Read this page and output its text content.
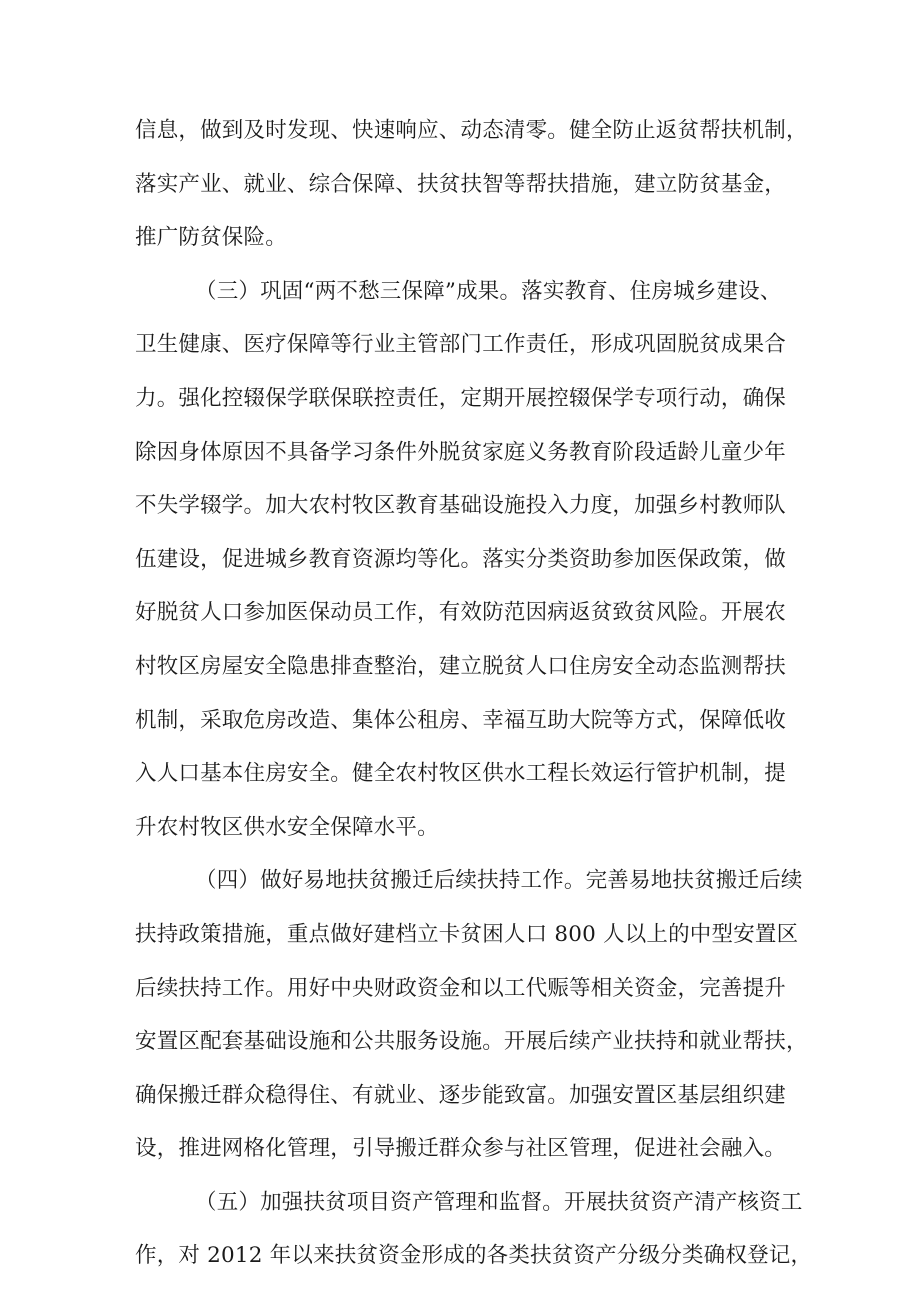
信息，做到及时发现、快速响应、动态清零。健全防止返贫帮扶机制，
落实产业、就业、综合保障、扶贫扶智等帮扶措施，建立防贫基金，
推广防贫保险。
（三）巩固“两不愁三保障”成果。落实教育、住房城乡建设、
卫生健康、医疗保障等行业主管部门工作责任，形成巩固脱贫成果合
力。强化控辍保学联保联控责任，定期开展控辍保学专项行动，确保
除因身体原因不具备学习条件外脱贫家庭义务教育阶段适龄儿童少年
不失学辍学。加大农村牧区教育基础设施投入力度，加强乡村教师队
伍建设，促进城乡教育资源均等化。落实分类资助参加医保政策，做
好脱贫人口参加医保动员工作，有效防范因病返贫致贫风险。开展农
村牧区房屋安全隐患排查整治，建立脱贫人口住房安全动态监测帮扶
机制，采取危房改造、集体公租房、幸福互助大院等方式，保障低收
入人口基本住房安全。健全农村牧区供水工程长效运行管护机制，提
升农村牧区供水安全保障水平。
（四）做好易地扶贫搬迁后续扶持工作。完善易地扶贫搬迁后续
扶持政策措施，重点做好建档立卡贫困人口 800 人以上的中型安置区
后续扶持工作。用好中央财政资金和以工代赈等相关资金，完善提升
安置区配套基础设施和公共服务设施。开展后续产业扶持和就业帮扶，
确保搬迁群众稳得住、有就业、逐步能致富。加强安置区基层组织建
设，推进网格化管理，引导搬迁群众参与社区管理，促进社会融入。
（五）加强扶贫项目资产管理和监督。开展扶贫资产清产核资工
作，对 2012 年以来扶贫资金形成的各类扶贫资产分级分类确权登记，
